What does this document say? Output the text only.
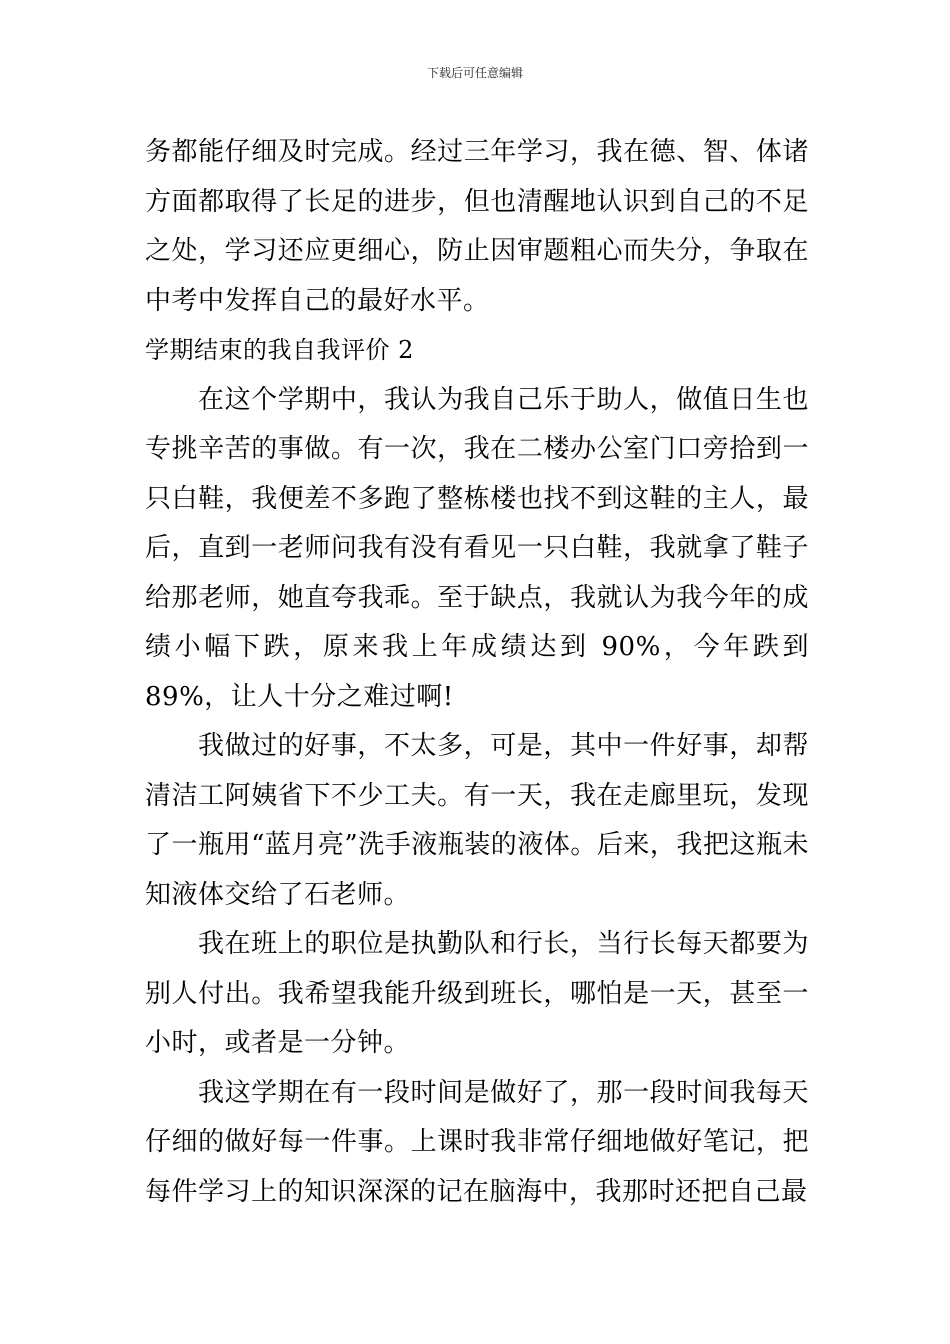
下载后可任意编辑

务都能仔细及时完成。经过三年学习，我在德、智、体诸方面都取得了长足的进步，但也清醒地认识到自己的不足之处，学习还应更细心，防止因审题粗心而失分，争取在中考中发挥自己的最好水平。

学期结束的我自我评价 2

在这个学期中，我认为我自己乐于助人，做值日生也专挑辛苦的事做。有一次，我在二楼办公室门口旁拾到一只白鞋，我便差不多跑了整栋楼也找不到这鞋的主人，最后，直到一老师问我有没有看见一只白鞋，我就拿了鞋子给那老师，她直夸我乖。至于缺点，我就认为我今年的成绩小幅下跌，原来我上年成绩达到 90%，今年跌到 89%，让人十分之难过啊!

我做过的好事，不太多，可是，其中一件好事，却帮清洁工阿姨省下不少工夫。有一天，我在走廊里玩，发现了一瓶用“蓝月亮”洗手液瓶装的液体。后来，我把这瓶未知液体交给了石老师。

我在班上的职位是执勤队和行长，当行长每天都要为别人付出。我希望我能升级到班长，哪怕是一天，甚至一小时，或者是一分钟。

我这学期在有一段时间是做好了，那一段时间我每天仔细的做好每一件事。上课时我非常仔细地做好笔记，把每件学习上的知识深深的记在脑海中，我那时还把自己最
